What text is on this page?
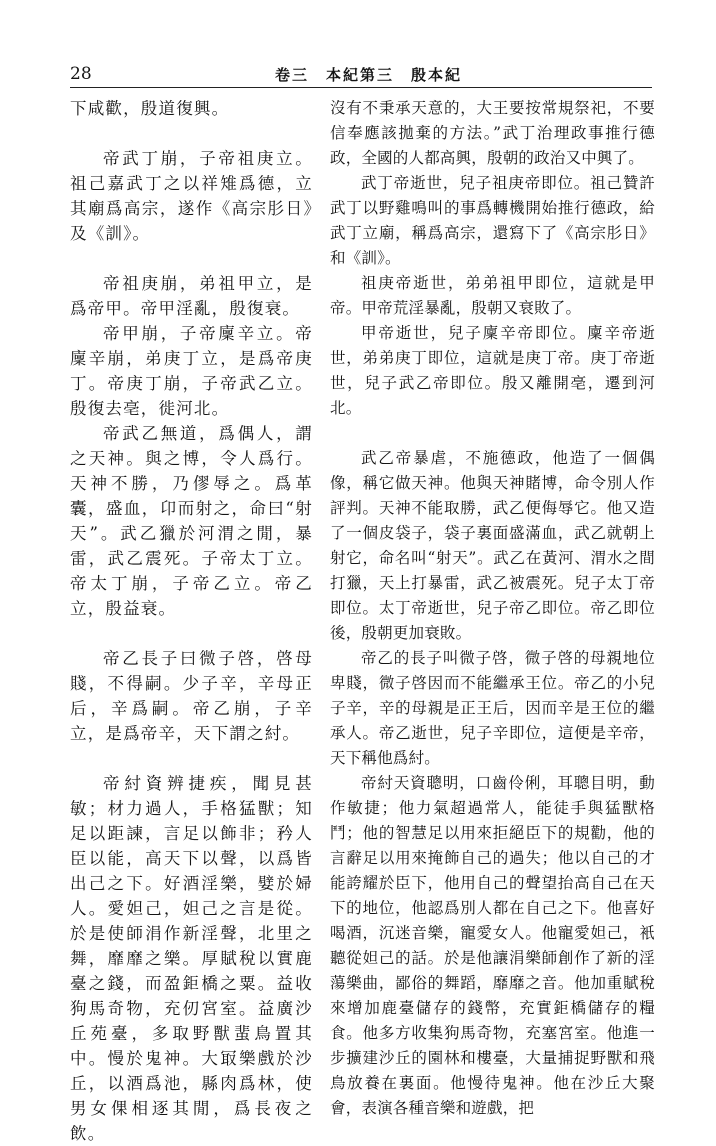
28	卷三　本紀第三　殷本紀

下咸歡，殷道復興。

帝武丁崩，子帝祖庚立。祖己嘉武丁之以祥雉爲德，立其廟爲高宗，遂作《高宗肜日》及《訓》。

帝祖庚崩，弟祖甲立，是爲帝甲。帝甲淫亂，殷復衰。

帝甲崩，子帝廩辛立。帝廩辛崩，弟庚丁立，是爲帝庚丁。帝庚丁崩，子帝武乙立。殷復去亳，徙河北。

帝武乙無道，爲偶人，謂之天神。與之博，令人爲行。天神不勝，乃僇辱之。爲革囊，盛血，卬而射之，命曰“射天”。武乙獵於河渭之閒，暴雷，武乙震死。子帝太丁立。帝太丁崩，子帝乙立。帝乙立，殷益衰。

帝乙長子曰微子啓，啓母賤，不得嗣。少子辛，辛母正后，辛爲嗣。帝乙崩，子辛立，是爲帝辛，天下謂之紂。

帝紂資辨捷疾，聞見甚敏；材力過人，手格猛獸；知足以距諫，言足以飾非；矜人臣以能，高天下以聲，以爲皆出己之下。好酒淫樂，嬖於婦人。愛妲己，妲己之言是從。於是使師涓作新淫聲，北里之舞，靡靡之樂。厚賦稅以實鹿臺之錢，而盈鉅橋之粟。益收狗馬奇物，充仞宮室。益廣沙丘苑臺，多取野獸蜚鳥置其中。慢於鬼神。大冣樂戲於沙丘，以酒爲池，縣肉爲林，使男女倮相逐其閒，爲長夜之飲。

沒有不秉承天意的，大王要按常規祭祀，不要信奉應該拋棄的方法。”武丁治理政事推行德政，全國的人都高興，殷朝的政治又中興了。

武丁帝逝世，兒子祖庚帝即位。祖己贊許武丁以野雞鳴叫的事爲轉機開始推行德政，給武丁立廟，稱爲高宗，還寫下了《高宗肜日》和《訓》。

祖庚帝逝世，弟弟祖甲即位，這就是甲帝。甲帝荒淫暴亂，殷朝又衰敗了。

甲帝逝世，兒子廩辛帝即位。廩辛帝逝世，弟弟庚丁即位，這就是庚丁帝。庚丁帝逝世，兒子武乙帝即位。殷又離開亳，遷到河北。

武乙帝暴虐，不施德政，他造了一個偶像，稱它做天神。他與天神賭博，命令別人作評判。天神不能取勝，武乙便侮辱它。他又造了一個皮袋子，袋子裏面盛滿血，武乙就朝上射它，命名叫“射天”。武乙在黃河、渭水之間打獵，天上打暴雷，武乙被震死。兒子太丁帝即位。太丁帝逝世，兒子帝乙即位。帝乙即位後，殷朝更加衰敗。

帝乙的長子叫微子啓，微子啓的母親地位卑賤，微子啓因而不能繼承王位。帝乙的小兒子辛，辛的母親是正王后，因而辛是王位的繼承人。帝乙逝世，兒子辛即位，這便是辛帝，天下稱他爲紂。

帝紂天資聰明，口齒伶俐，耳聰目明，動作敏捷；他力氣超過常人，能徒手與猛獸格鬥；他的智慧足以用來拒絕臣下的規勸，他的言辭足以用來掩飾自己的過失；他以自己的才能誇耀於臣下，他用自己的聲望抬高自己在天下的地位，他認爲別人都在自己之下。他喜好喝酒，沉迷音樂，寵愛女人。他寵愛妲己，衹聽從妲己的話。於是他讓涓樂師創作了新的淫蕩樂曲，鄙俗的舞蹈，靡靡之音。他加重賦稅來增加鹿臺儲存的錢幣，充實鉅橋儲存的糧食。他多方收集狗馬奇物，充塞宮室。他進一步擴建沙丘的園林和樓臺，大量捕捉野獸和飛鳥放養在裏面。他慢待鬼神。他在沙丘大聚會，表演各種音樂和遊戲，把
